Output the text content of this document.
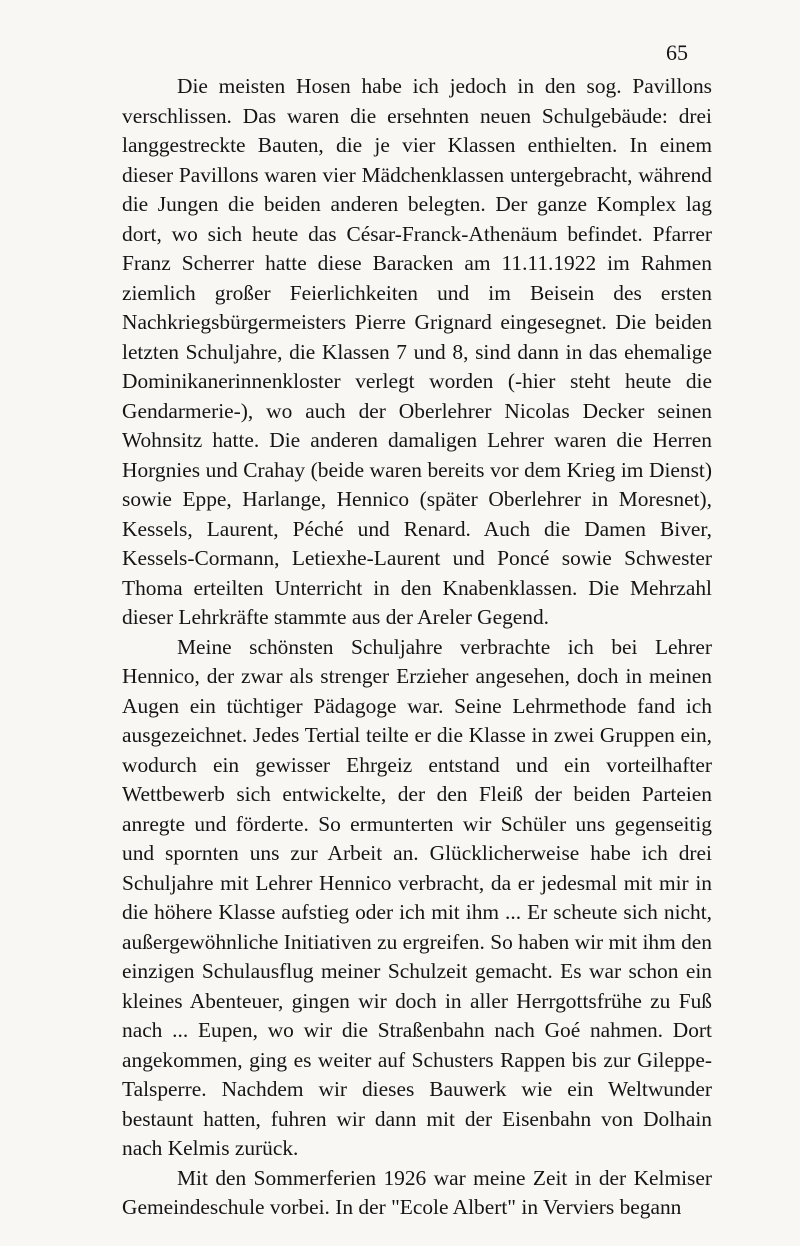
65

Die meisten Hosen habe ich jedoch in den sog. Pavillons verschlissen. Das waren die ersehnten neuen Schulgebäude: drei langgestreckte Bauten, die je vier Klassen enthielten. In einem dieser Pavillons waren vier Mädchenklassen untergebracht, während die Jungen die beiden anderen belegten. Der ganze Komplex lag dort, wo sich heute das César-Franck-Athenäum befindet. Pfarrer Franz Scherrer hatte diese Baracken am 11.11.1922 im Rahmen ziemlich großer Feierlichkeiten und im Beisein des ersten Nachkriegsbürgermeisters Pierre Grignard eingesegnet. Die beiden letzten Schuljahre, die Klassen 7 und 8, sind dann in das ehemalige Dominikanerinnenkloster verlegt worden (-hier steht heute die Gendarmerie-), wo auch der Oberlehrer Nicolas Decker seinen Wohnsitz hatte. Die anderen damaligen Lehrer waren die Herren Horgnies und Crahay (beide waren bereits vor dem Krieg im Dienst) sowie Eppe, Harlange, Hennico (später Oberlehrer in Moresnet), Kessels, Laurent, Péché und Renard. Auch die Damen Biver, Kessels-Cormann, Letiexhe-Laurent und Poncé sowie Schwester Thoma erteilten Unterricht in den Knabenklassen. Die Mehrzahl dieser Lehrkräfte stammte aus der Areler Gegend.

Meine schönsten Schuljahre verbrachte ich bei Lehrer Hennico, der zwar als strenger Erzieher angesehen, doch in meinen Augen ein tüchtiger Pädagoge war. Seine Lehrmethode fand ich ausgezeichnet. Jedes Tertial teilte er die Klasse in zwei Gruppen ein, wodurch ein gewisser Ehrgeiz entstand und ein vorteilhafter Wettbewerb sich entwickelte, der den Fleiß der beiden Parteien anregte und förderte. So ermunterten wir Schüler uns gegenseitig und spornten uns zur Arbeit an. Glücklicherweise habe ich drei Schuljahre mit Lehrer Hennico verbracht, da er jedesmal mit mir in die höhere Klasse aufstieg oder ich mit ihm ... Er scheute sich nicht, außergewöhnliche Initiativen zu ergreifen. So haben wir mit ihm den einzigen Schulausflug meiner Schulzeit gemacht. Es war schon ein kleines Abenteuer, gingen wir doch in aller Herrgottsfrühe zu Fuß nach ... Eupen, wo wir die Straßenbahn nach Goé nahmen. Dort angekommen, ging es weiter auf Schusters Rappen bis zur Gileppe-Talsperre. Nachdem wir dieses Bauwerk wie ein Weltwunder bestaunt hatten, fuhren wir dann mit der Eisenbahn von Dolhain nach Kelmis zurück.

Mit den Sommerferien 1926 war meine Zeit in der Kelmiser Gemeindeschule vorbei. In der "Ecole Albert" in Verviers begann
